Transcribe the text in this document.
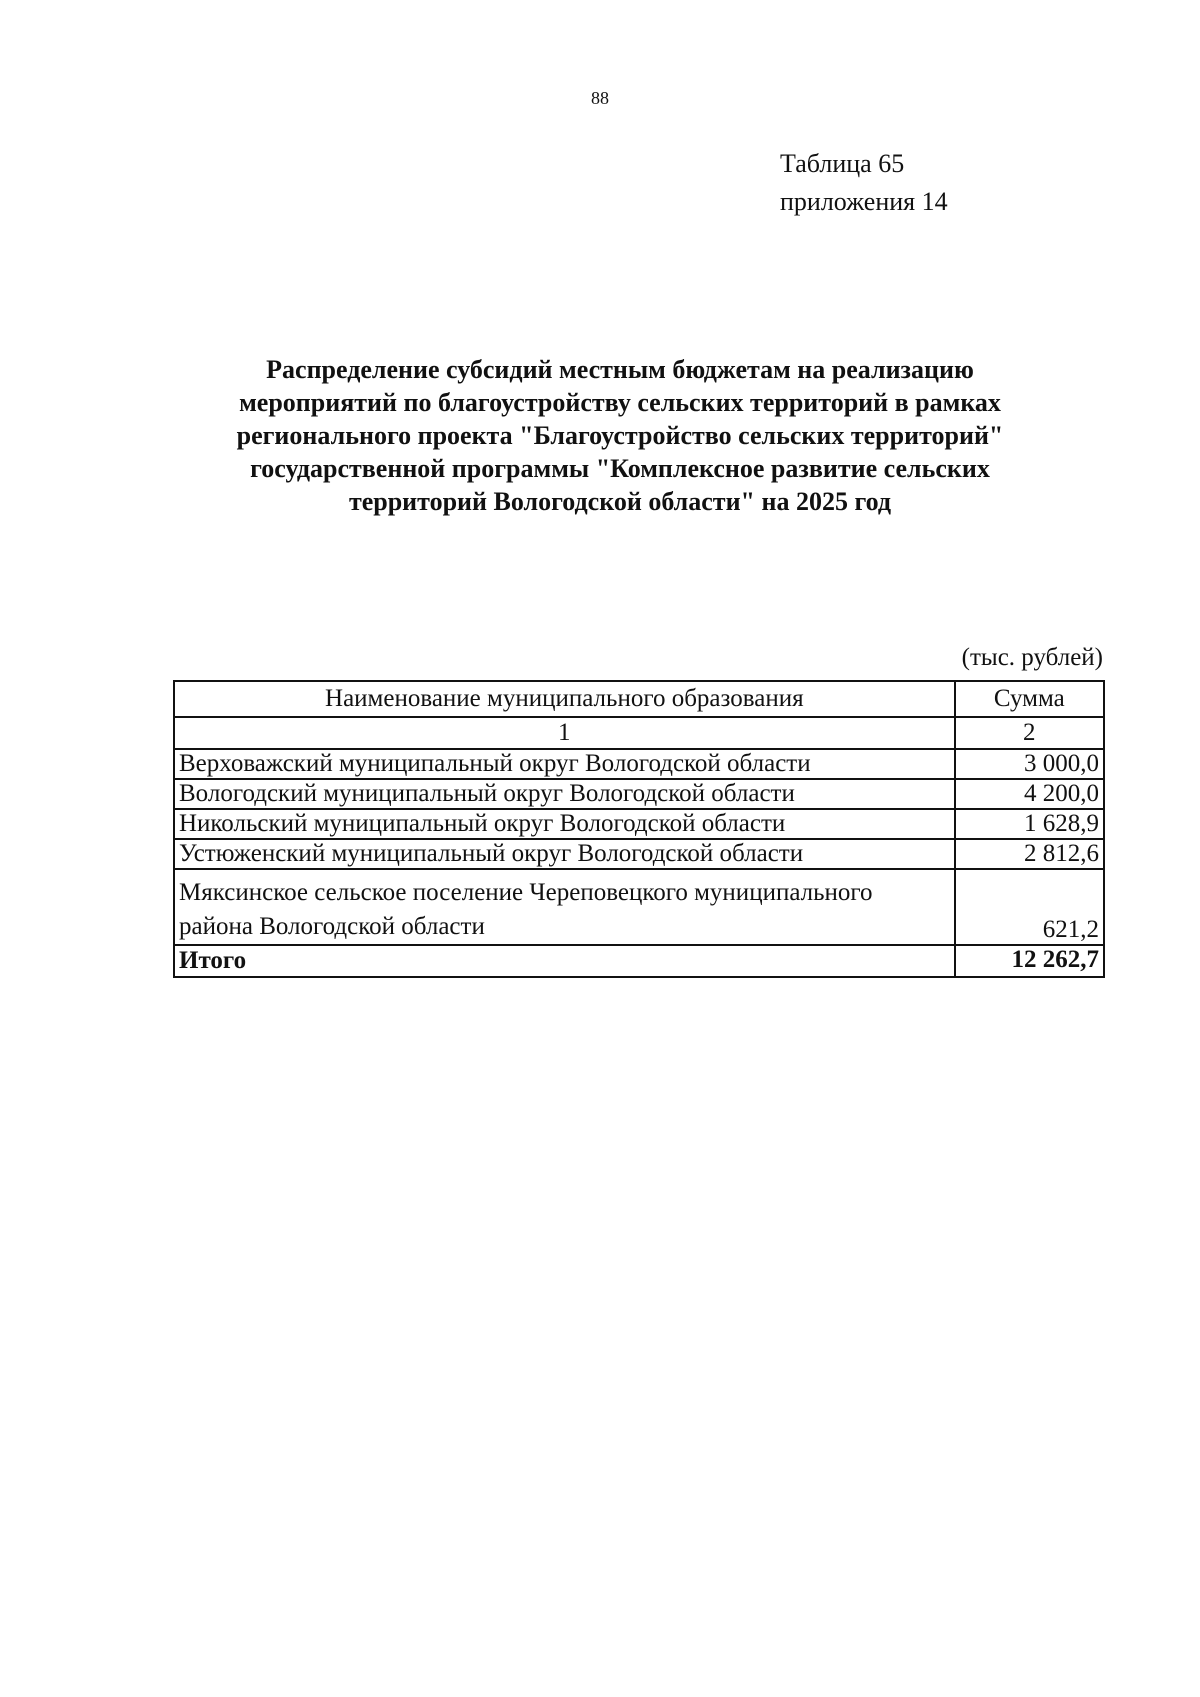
88

Таблица 65
приложения 14

Распределение субсидий местным бюджетам на реализацию мероприятий по благоустройству сельских территорий в рамках регионального проекта "Благоустройство сельских территорий" государственной программы "Комплексное развитие сельских территорий Вологодской области" на 2025 год

(тыс. рублей)

Наименование муниципального образования	Сумма
1	2
Верховажский муниципальный округ Вологодской области	3 000,0
Вологодский муниципальный округ Вологодской области	4 200,0
Никольский муниципальный округ Вологодской области	1 628,9
Устюженский муниципальный округ Вологодской области	2 812,6
Мяксинское сельское поселение Череповецкого муниципального района Вологодской области	621,2
Итого	12 262,7
